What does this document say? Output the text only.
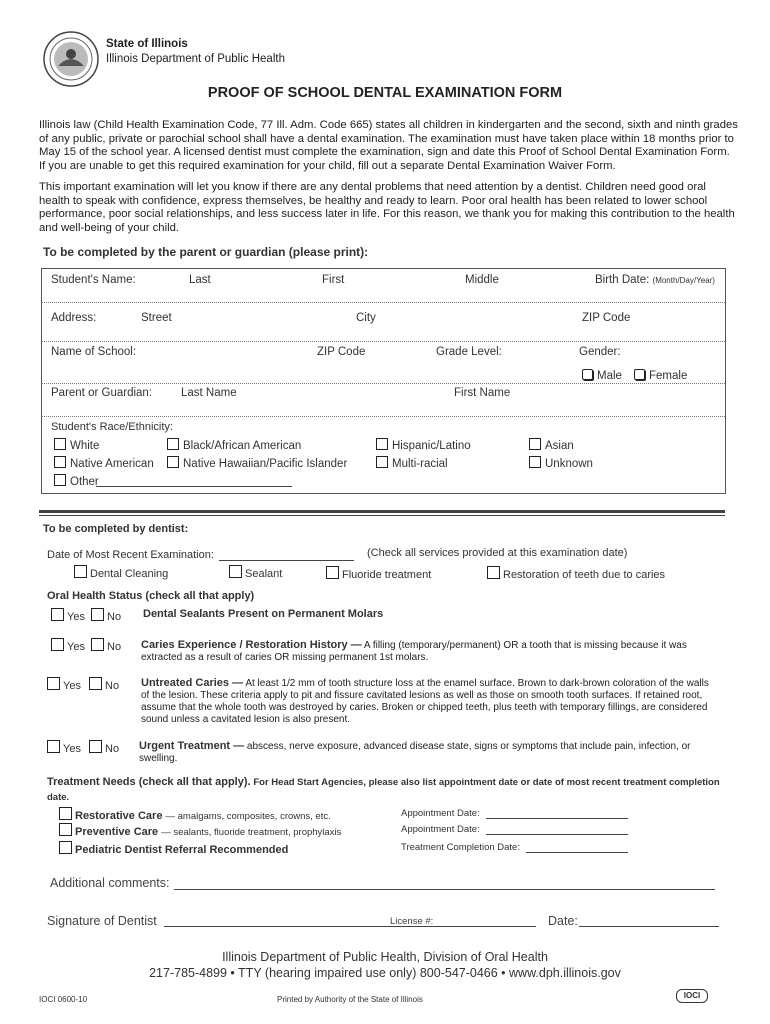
State of Illinois
Illinois Department of Public Health
PROOF OF SCHOOL DENTAL EXAMINATION FORM
Illinois law (Child Health Examination Code, 77 Ill. Adm. Code 665) states all children in kindergarten and the second, sixth and ninth grades of any public, private or parochial school shall have a dental examination. The examination must have taken place within 18 months prior to May 15 of the school year. A licensed dentist must complete the examination, sign and date this Proof of School Dental Examination Form. If you are unable to get this required examination for your child, fill out a separate Dental Examination Waiver Form.
This important examination will let you know if there are any dental problems that need attention by a dentist. Children need good oral health to speak with confidence, express themselves, be healthy and ready to learn. Poor oral health has been related to lower school performance, poor social relationships, and less success later in life. For this reason, we thank you for making this contribution to the health and well-being of your child.
To be completed by the parent or guardian (please print):
Student's Name:	Last	First	Middle	Birth Date: (Month/Day/Year)
Address:	Street	City	ZIP Code
Name of School:	ZIP Code	Grade Level:	Gender:
Male	Female
Parent or Guardian:	Last Name	First Name
Student's Race/Ethnicity:
White	Black/African American	Hispanic/Latino	Asian
Native American	Native Hawaiian/Pacific Islander	Multi-racial	Unknown
Other
To be completed by dentist:
Date of Most Recent Examination:	(Check all services provided at this examination date)
Dental Cleaning	Sealant	Fluoride treatment	Restoration of teeth due to caries
Oral Health Status (check all that apply)
Yes	No Dental Sealants Present on Permanent Molars
Yes	No Caries Experience / Restoration History — A filling (temporary/permanent) OR a tooth that is missing because it was extracted as a result of caries OR missing permanent 1st molars.
Yes	No Untreated Caries — At least 1/2 mm of tooth structure loss at the enamel surface. Brown to dark-brown coloration of the walls of the lesion. These criteria apply to pit and fissure cavitated lesions as well as those on smooth tooth surfaces. If retained root, assume that the whole tooth was destroyed by caries. Broken or chipped teeth, plus teeth with temporary fillings, are considered sound unless a cavitated lesion is also present.
Yes	No Urgent Treatment — abscess, nerve exposure, advanced disease state, signs or symptoms that include pain, infection, or swelling.
Treatment Needs (check all that apply). For Head Start Agencies, please also list appointment date or date of most recent treatment completion date.
Restorative Care — amalgams, composites, crowns, etc.	Appointment Date:
Preventive Care — sealants, fluoride treatment, prophylaxis	Appointment Date:
Pediatric Dentist Referral Recommended	Treatment Completion Date:
Additional comments:
Signature of Dentist	License #:	Date:
Illinois Department of Public Health, Division of Oral Health
217-785-4899 • TTY (hearing impaired use only) 800-547-0466 • www.dph.illinois.gov
IOCI 0600-10	Printed by Authority of the State of Illinois	IOCI
